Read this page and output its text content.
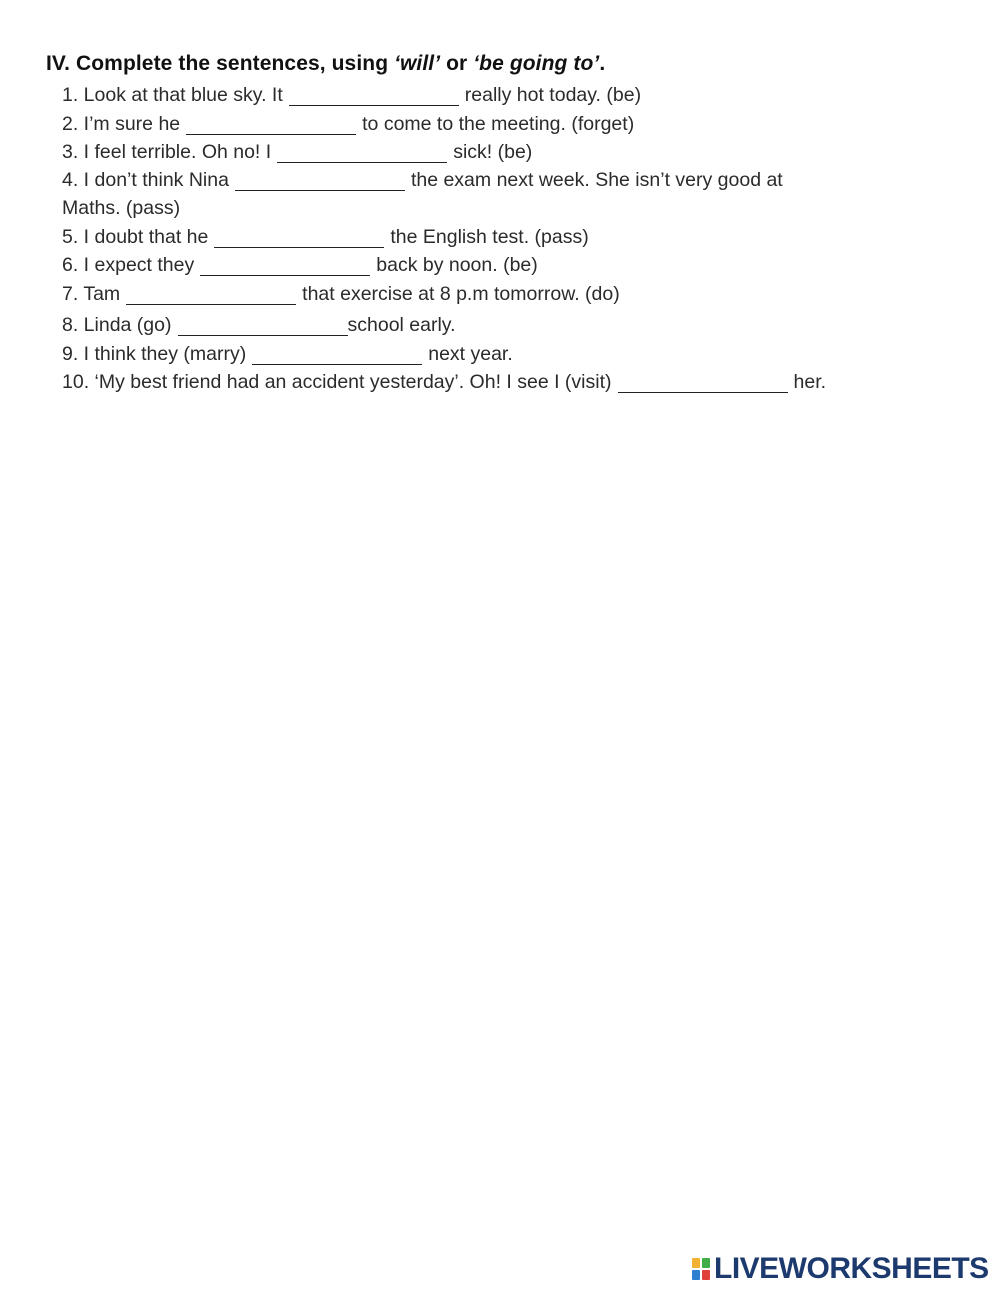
IV. Complete the sentences, using ‘will’ or ‘be going to’.
1. Look at that blue sky. It	really hot today. (be)
2. I’m sure he	to come to the meeting. (forget)
3. I feel terrible. Oh no! I	sick! (be)
4. I don’t think Nina	the exam next week. She isn’t very good at
Maths. (pass)
5. I doubt that he	the English test. (pass)
6. I expect they	back by noon. (be)
7. Tam	that exercise at 8 p.m tomorrow. (do)
8. Linda (go)	school early.
9. I think they (marry)	next year.
10. ‘My best friend had an accident yesterday’. Oh! I see I (visit)	her.
LIVEWORKSHEETS
